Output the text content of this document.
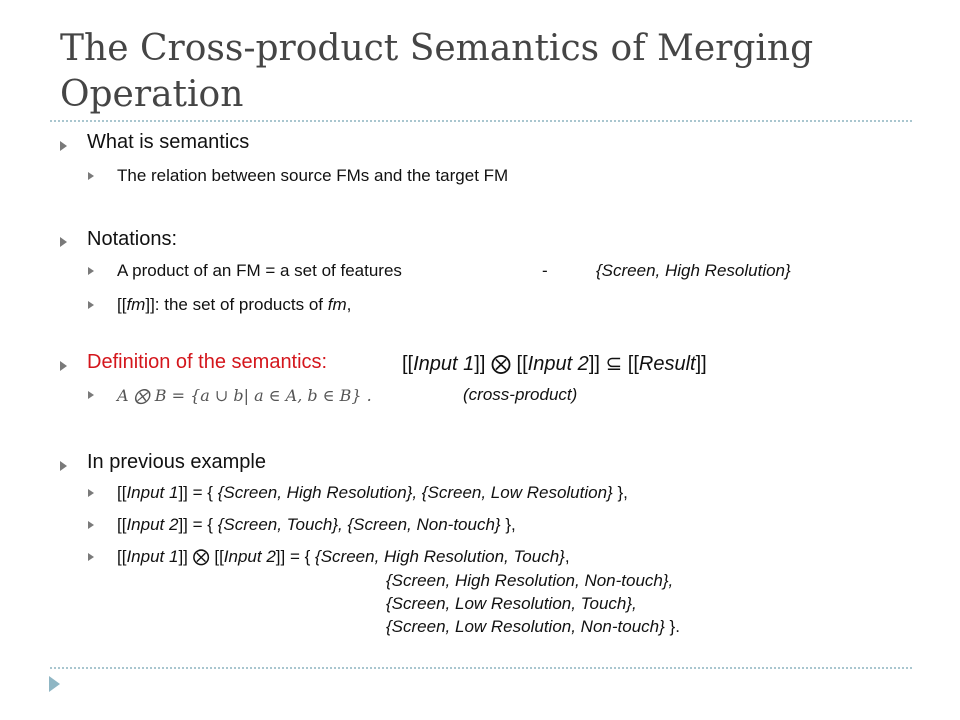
The Cross-product Semantics of Merging Operation
What is semantics
The relation between source FMs and the target FM
Notations:
A product of an FM = a set of features	-	{Screen, High Resolution}
[[fm]]: the set of products of fm,
Definition of the semantics:	[[Input 1]] ⨂ [[Input 2]] ⊆ [[Result]]
A ⨂ B = {a ∪ b| a ∈ A, b ∈ B} .	(cross-product)
In previous example
[[Input 1]] = { {Screen, High Resolution}, {Screen, Low Resolution} },
[[Input 2]] = { {Screen, Touch}, {Screen, Non-touch} },
[[Input 1]] ⨂ [[Input 2]] = { {Screen, High Resolution, Touch},
{Screen, High Resolution, Non-touch},
{Screen, Low Resolution, Touch},
{Screen, Low Resolution, Non-touch} }.
